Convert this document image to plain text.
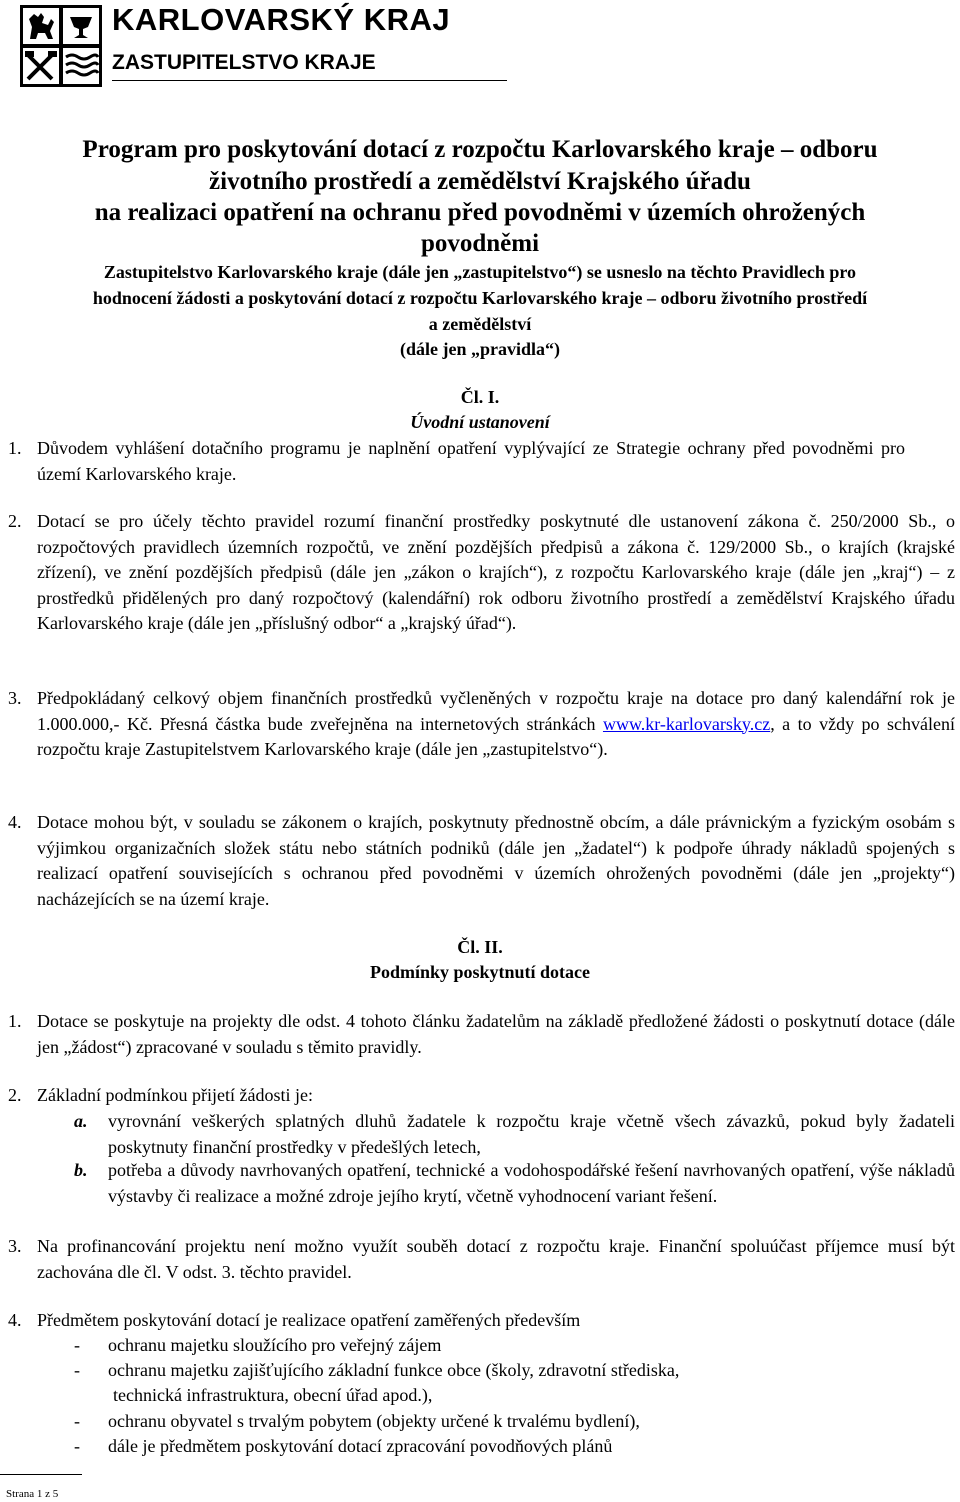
KARLOVARSKÝ KRAJ
ZASTUPITELSTVO KRAJE
Program pro poskytování dotací z rozpočtu Karlovarského kraje – odboru
životního prostředí a zemědělství Krajského úřadu
na realizaci opatření na ochranu před povodněmi v územích ohrožených
povodněmi
Zastupitelstvo Karlovarského kraje (dále jen „zastupitelstvo“) se usneslo na těchto Pravidlech pro
hodnocení žádosti a poskytování dotací z rozpočtu Karlovarského kraje – odboru životního prostředí
a zemědělství
(dále jen „pravidla“)
Čl. I.
Úvodní ustanovení
1. Důvodem vyhlášení dotačního programu je naplnění opatření vyplývající ze Strategie ochrany před povodněmi pro území Karlovarského kraje.
2. Dotací se pro účely těchto pravidel rozumí finanční prostředky poskytnuté dle ustanovení zákona č. 250/2000 Sb., o rozpočtových pravidlech územních rozpočtů, ve znění pozdějších předpisů a zákona č. 129/2000 Sb., o krajích (krajské zřízení), ve znění pozdějších předpisů (dále jen „zákon o krajích“), z rozpočtu Karlovarského kraje (dále jen „kraj“) – z prostředků přidělených pro daný rozpočtový (kalendářní) rok odboru životního prostředí a zemědělství Krajského úřadu Karlovarského kraje (dále jen „příslušný odbor“ a „krajský úřad“).
3. Předpokládaný celkový objem finančních prostředků vyčleněných v rozpočtu kraje na dotace pro daný kalendářní rok je 1.000.000,- Kč. Přesná částka bude zveřejněna na internetových stránkách www.kr-karlovarsky.cz, a to vždy po schválení rozpočtu kraje Zastupitelstvem Karlovarského kraje (dále jen „zastupitelstvo“).
4. Dotace mohou být, v souladu se zákonem o krajích, poskytnuty přednostně obcím, a dále právnickým a fyzickým osobám s výjimkou organizačních složek státu nebo státních podniků (dále jen „žadatel“) k podpoře úhrady nákladů spojených s realizací opatření souvisejících s ochranou před povodněmi v územích ohrožených povodněmi (dále jen „projekty“) nacházejících se na území kraje.
Čl. II.
Podmínky poskytnutí dotace
1. Dotace se poskytuje na projekty dle odst. 4 tohoto článku žadatelům na základě předložené žádosti o poskytnutí dotace (dále jen „žádost“) zpracované v souladu s těmito pravidly.
2. Základní podmínkou přijetí žádosti je:
a. vyrovnání veškerých splatných dluhů žadatele k rozpočtu kraje včetně všech závazků, pokud byly žadateli poskytnuty finanční prostředky v předešlých letech,
b. potřeba a důvody navrhovaných opatření, technické a vodohospodářské řešení navrhovaných opatření, výše nákladů výstavby či realizace a možné zdroje jejího krytí, včetně vyhodnocení variant řešení.
3. Na profinancování projektu není možno využít souběh dotací z rozpočtu kraje. Finanční spoluúčast příjemce musí být zachována dle čl. V odst. 3. těchto pravidel.
4. Předmětem poskytování dotací je realizace opatření zaměřených především
- ochranu majetku sloužícího pro veřejný zájem
- ochranu majetku zajišťujícího základní funkce obce (školy, zdravotní střediska,
technická infrastruktura, obecní úřad apod.),
- ochranu obyvatel s trvalým pobytem (objekty určené k trvalému bydlení),
- dále je předmětem poskytování dotací zpracování povodňových plánů
Strana 1 z 5
